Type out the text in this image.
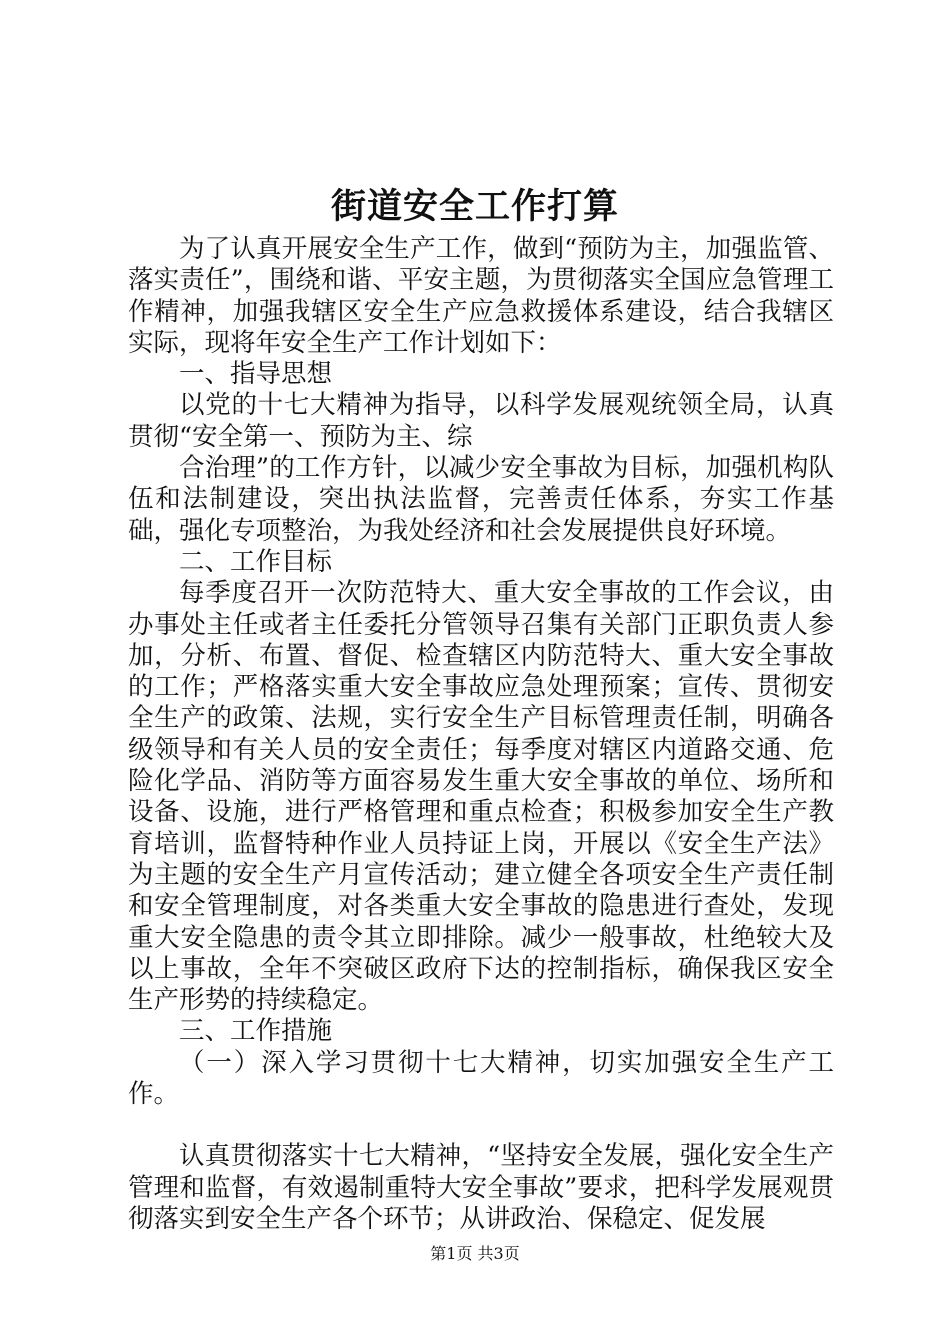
街道安全工作打算

为了认真开展安全生产工作，做到“预防为主，加强监管、落实责任”，围绕和谐、平安主题，为贯彻落实全国应急管理工作精神，加强我辖区安全生产应急救援体系建设，结合我辖区实际，现将年安全生产工作计划如下：

一、指导思想

以党的十七大精神为指导，以科学发展观统领全局，认真贯彻“安全第一、预防为主、综

合治理”的工作方针，以减少安全事故为目标，加强机构队伍和法制建设，突出执法监督，完善责任体系，夯实工作基础，强化专项整治，为我处经济和社会发展提供良好环境。

二、工作目标

每季度召开一次防范特大、重大安全事故的工作会议，由办事处主任或者主任委托分管领导召集有关部门正职负责人参加，分析、布置、督促、检查辖区内防范特大、重大安全事故的工作；严格落实重大安全事故应急处理预案；宣传、贯彻安全生产的政策、法规，实行安全生产目标管理责任制，明确各级领导和有关人员的安全责任；每季度对辖区内道路交通、危险化学品、消防等方面容易发生重大安全事故的单位、场所和设备、设施，进行严格管理和重点检查；积极参加安全生产教育培训，监督特种作业人员持证上岗，开展以《安全生产法》为主题的安全生产月宣传活动；建立健全各项安全生产责任制和安全管理制度，对各类重大安全事故的隐患进行查处，发现重大安全隐患的责令其立即排除。减少一般事故，杜绝较大及以上事故，全年不突破区政府下达的控制指标，确保我区安全生产形势的持续稳定。

三、工作措施

（一）深入学习贯彻十七大精神，切实加强安全生产工作。

认真贯彻落实十七大精神，“坚持安全发展，强化安全生产管理和监督，有效遏制重特大安全事故”要求，把科学发展观贯彻落实到安全生产各个环节；从讲政治、保稳定、促发展

第1页 共3页
